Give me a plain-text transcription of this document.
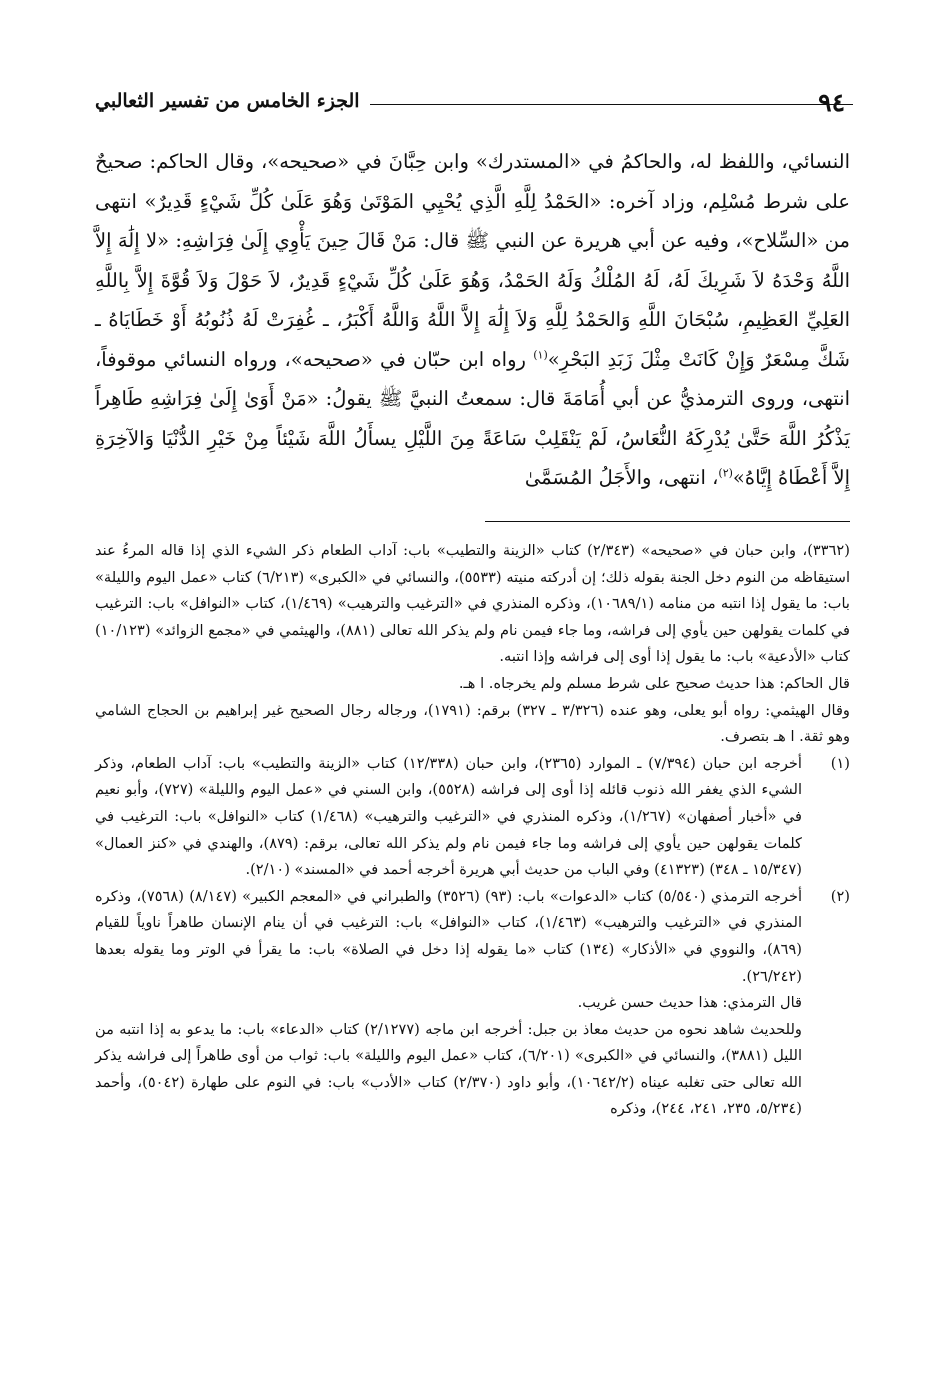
٩٤
الجزء الخامس من تفسير الثعالبي

النسائي، واللفظ له، والحاكمُ في «المستدرك» وابن حِبَّانَ في «صحيحه»، وقال الحاكم: صحيحٌ على شرط مُسْلِم، وزاد آخره: «الحَمْدُ لِلَّهِ الَّذِي يُحْيِي المَوْتَىٰ وَهُوَ عَلَىٰ كُلِّ شَيْءٍ قَدِيرٌ» انتهى من «السِّلاح»، وفيه عن أبي هريرة عن النبي ﷺ قال: مَنْ قَالَ حِينَ يَأْوِي إِلَىٰ فِرَاشِهِ: «لا إِلَٰهَ إِلاَّ اللَّهُ وَحْدَهُ لاَ شَرِيكَ لَهُ، لَهُ المُلْكُ وَلَهُ الحَمْدُ، وَهُوَ عَلَىٰ كُلِّ شَيْءٍ قَدِيرٌ، لاَ حَوْلَ وَلاَ قُوَّةَ إِلاَّ بِاللَّهِ العَلِيِّ العَظِيمِ، سُبْحَانَ اللَّهِ وَالحَمْدُ لِلَّهِ وَلاَ إِلَٰهَ إِلاَّ اللَّهُ وَاللَّهُ أَكْبَرُ، ـ غُفِرَتْ لَهُ ذُنُوبُهُ أَوْ خَطَايَاهُ ـ شَكَّ مِسْعَرٌ وَإِنْ كَانَتْ مِثْلَ زَبَدِ البَحْرِ»$^{(١)}$ رواه ابن حبّان في «صحيحه»، ورواه النسائي موقوفاً، انتهى، وروى الترمذيُّ عن أبي أُمَامَةَ قال: سمعتُ النبيَّ ﷺ يقولُ: «مَنْ أَوَىٰ إِلَىٰ فِرَاشِهِ طَاهِراً يَذْكُرُ اللَّهَ حَتَّىٰ يُدْرِكَهُ النُّعَاسُ، لَمْ يَنْقَلِبْ سَاعَةً مِنَ اللَّيْلِ يسأَلُ اللَّهَ شَيْئاً مِنْ خَيْرِ الدُّنْيَا وَالآخِرَةِ إِلاَّ أَعْطَاهُ إِيَّاهُ»$^{(٢)}$، انتهى، والأَجَلُ المُسَمَّىٰ

(٣٣٦٢)، وابن حبان في «صحيحه» (٢/٣٤٣) كتاب «الزينة والتطيب» باب: آداب الطعام ذكر الشيء الذي إذا قاله المرءُ عند استيقاظه من النوم دخل الجنة بقوله ذلك؛ إن أدركته منيته (٥٥٣٣)، والنسائي في «الكبرى» (٦/٢١٣) كتاب «عمل اليوم والليلة» باب: ما يقول إذا انتبه من منامه (١٠٦٨٩/١)، وذكره المنذري في «الترغيب والترهيب» (١/٤٦٩)، كتاب «النوافل» باب: الترغيب في كلمات يقولهن حين يأوي إلى فراشه، وما جاء فيمن نام ولم يذكر الله تعالى (٨٨١)، والهيثمي في «مجمع الزوائد» (١٠/١٢٣) كتاب «الأدعية» باب: ما يقول إذا أوى إلى فراشه وإذا انتبه.

قال الحاكم: هذا حديث صحيح على شرط مسلم ولم يخرجاه. ا هـ.

وقال الهيثمي: رواه أبو يعلى، وهو عنده (٣/٣٢٦ ـ ٣٢٧) برقم: (١٧٩١)، ورجاله رجال الصحيح غير إبراهيم بن الحجاج الشامي وهو ثقة. ا هـ بتصرف.

(١)

أخرجه ابن حبان (٧/٣٩٤) ـ الموارد (٢٣٦٥)، وابن حبان (١٢/٣٣٨) كتاب «الزينة والتطيب» باب: آداب الطعام، وذكر الشيء الذي يغفر الله ذنوب قائله إذا أوى إلى فراشه (٥٥٢٨)، وابن السني في «عمل اليوم والليلة» (٧٢٧)، وأبو نعيم في «أخبار أصفهان» (١/٢٦٧)، وذكره المنذري في «الترغيب والترهيب» (١/٤٦٨) كتاب «النوافل» باب: الترغيب في كلمات يقولهن حين يأوي إلى فراشه وما جاء فيمن نام ولم يذكر الله تعالى، برقم: (٨٧٩)، والهندي في «كنز العمال» (١٥/٣٤٧ ـ ٣٤٨) (٤١٣٢٣) وفي الباب من حديث أبي هريرة أخرجه أحمد في «المسند» (٢/١٠).

(٢)

أخرجه الترمذي (٥/٥٤٠) كتاب «الدعوات» باب: (٩٣) (٣٥٢٦) والطبراني في «المعجم الكبير» (٨/١٤٧) (٧٥٦٨)، وذكره المنذري في «الترغيب والترهيب» (١/٤٦٣)، كتاب «النوافل» باب: الترغيب في أن ينام الإنسان طاهراً ناوياً للقيام (٨٦٩)، والنووي في «الأذكار» (١٣٤) كتاب «ما يقوله إذا دخل في الصلاة» باب: ما يقرأ في الوتر وما يقوله بعدها (٢٦/٢٤٢).

قال الترمذي: هذا حديث حسن غريب.

وللحديث شاهد نحوه من حديث معاذ بن جبل: أخرجه ابن ماجه (٢/١٢٧٧) كتاب «الدعاء» باب: ما يدعو به إذا انتبه من الليل (٣٨٨١)، والنسائي في «الكبرى» (٦/٢٠١)، كتاب «عمل اليوم والليلة» باب: ثواب من أوى طاهراً إلى فراشه يذكر الله تعالى حتى تغلبه عيناه (١٠٦٤٢/٢)، وأبو داود (٢/٣٧٠) كتاب «الأدب» باب: في النوم على طهارة (٥٠٤٢)، وأحمد (٥/٢٣٤، ٢٣٥، ٢٤١، ٢٤٤)، وذكره
